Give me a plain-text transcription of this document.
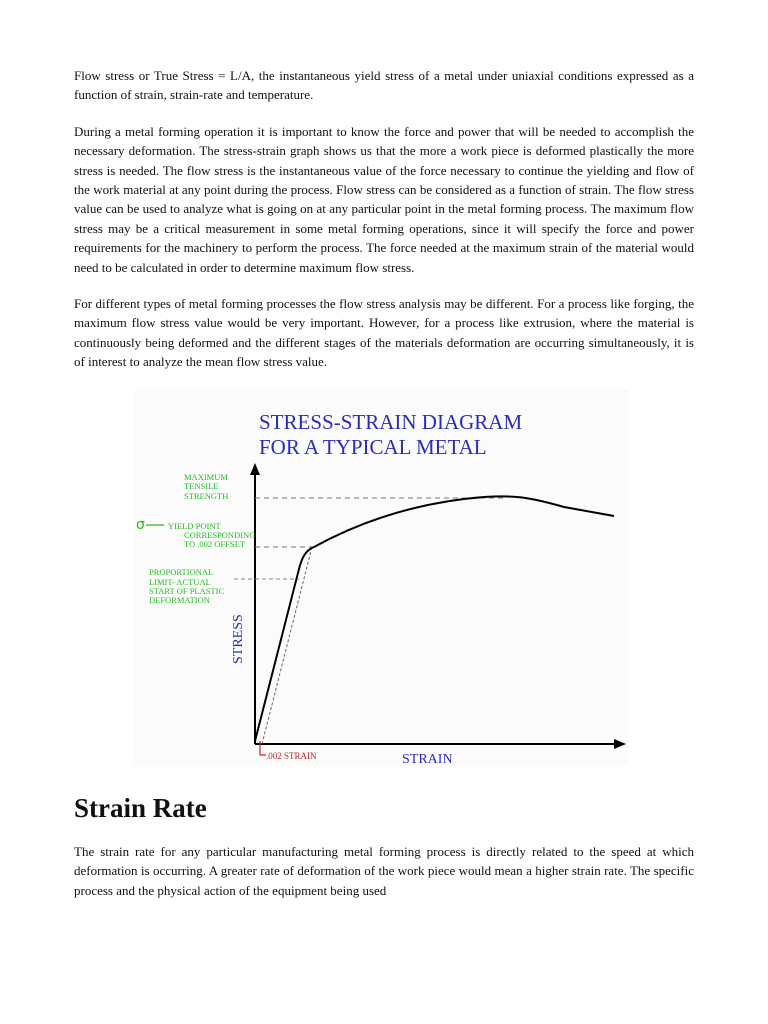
Flow stress or True Stress = L/A, the instantaneous yield stress of a metal under uniaxial conditions expressed as a function of strain, strain-rate and temperature.

During a metal forming operation it is important to know the force and power that will be needed to accomplish the necessary deformation. The stress-strain graph shows us that the more a work piece is deformed plastically the more stress is needed. The flow stress is the instantaneous value of the force necessary to continue the yielding and flow of the work material at any point during the process. Flow stress can be considered as a function of strain. The flow stress value can be used to analyze what is going on at any particular point in the metal forming process. The maximum flow stress may be a critical measurement in some metal forming operations, since it will specify the force and power requirements for the machinery to perform the process. The force needed at the maximum strain of the material would need to be calculated in order to determine maximum flow stress.

For different types of metal forming processes the flow stress analysis may be different. For a process like forging, the maximum flow stress value would be very important. However, for a process like extrusion, where the material is continuously being deformed and the different stages of the materials deformation are occurring simultaneously, it is of interest to analyze the mean flow stress value.

STRESS-STRAIN DIAGRAM
FOR A TYPICAL METAL
MAXIMUM
TENSILE
STRENGTH
σ	YIELD POINT
CORRESPONDING
TO .002 OFFSET
PROPORTIONAL
LIMIT- ACTUAL
START OF PLASTIC
DEFORMATION
STRESS
.002 STRAIN	STRAIN
Strain Rate

The strain rate for any particular manufacturing metal forming process is directly related to the speed at which deformation is occurring. A greater rate of deformation of the work piece would mean a higher strain rate. The specific process and the physical action of the equipment being used
